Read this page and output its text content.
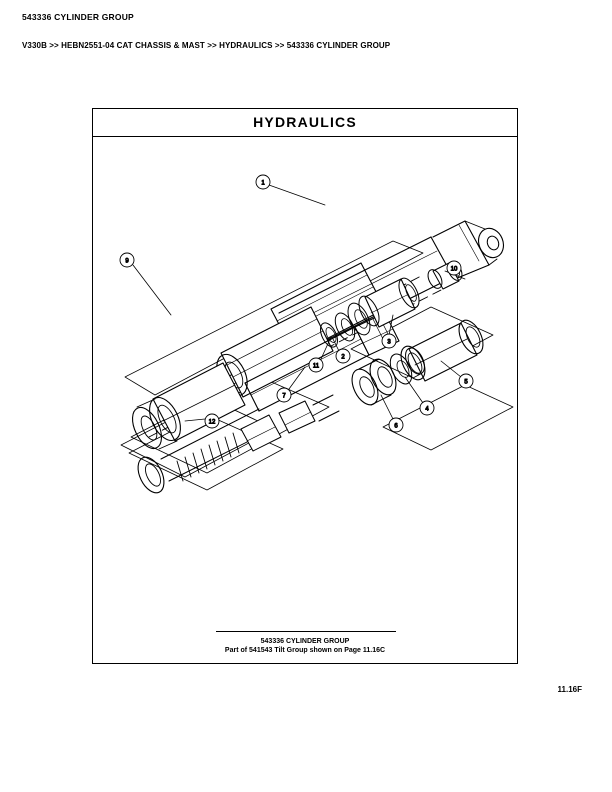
543336 CYLINDER GROUP
V330B >> HEBN2551-04 CAT CHASSIS & MAST >> HYDRAULICS >> 543336 CYLINDER GROUP
HYDRAULICS
1
9
10
2
3
11
7
12
6
4
5
543336 CYLINDER GROUP
Part of 541543 Tilt Group shown on Page 11.16C
11.16F
